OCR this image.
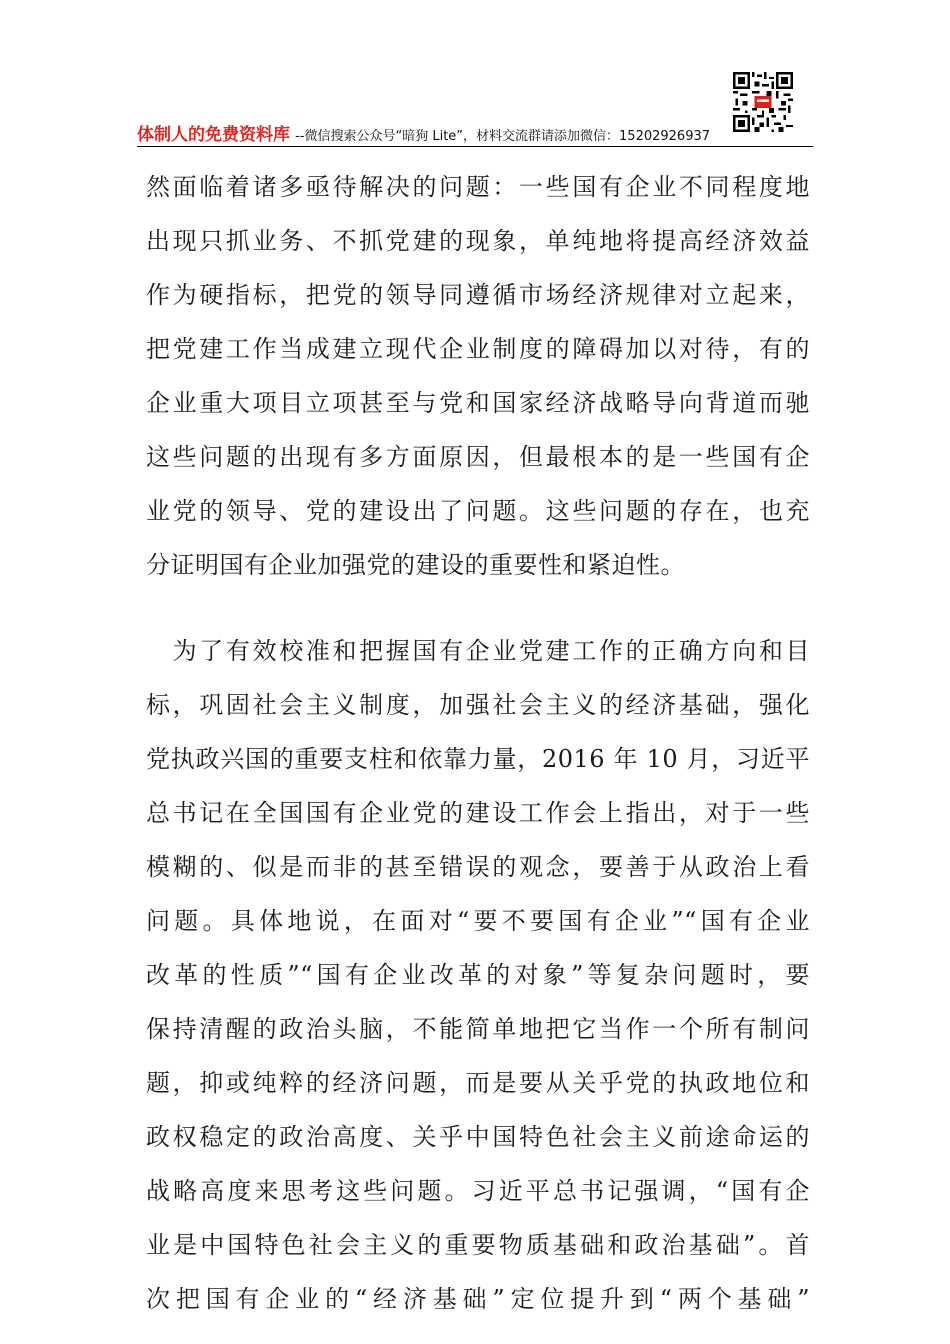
体制人的免费资料库 --微信搜索公众号“暗狗 Lite”，材料交流群请添加微信：15202926937
然面临着诸多亟待解决的问题：一些国有企业不同程度地
出现只抓业务、不抓党建的现象，单纯地将提高经济效益
作为硬指标，把党的领导同遵循市场经济规律对立起来，
把党建工作当成建立现代企业制度的障碍加以对待，有的
企业重大项目立项甚至与党和国家经济战略导向背道而驰
这些问题的出现有多方面原因，但最根本的是一些国有企
业党的领导、党的建设出了问题。这些问题的存在，也充
分证明国有企业加强党的建设的重要性和紧迫性。
　为了有效校准和把握国有企业党建工作的正确方向和目
标，巩固社会主义制度，加强社会主义的经济基础，强化
党执政兴国的重要支柱和依靠力量，2016 年 10 月，习近平
总书记在全国国有企业党的建设工作会上指出，对于一些
模糊的、似是而非的甚至错误的观念，要善于从政治上看
问题。具体地说，在面对“要不要国有企业”“国有企业
改革的性质”“国有企业改革的对象”等复杂问题时，要
保持清醒的政治头脑，不能简单地把它当作一个所有制问
题，抑或纯粹的经济问题，而是要从关乎党的执政地位和
政权稳定的政治高度、关乎中国特色社会主义前途命运的
战略高度来思考这些问题。习近平总书记强调，“国有企
业是中国特色社会主义的重要物质基础和政治基础”。首
次把国有企业的“经济基础”定位提升到“两个基础”
